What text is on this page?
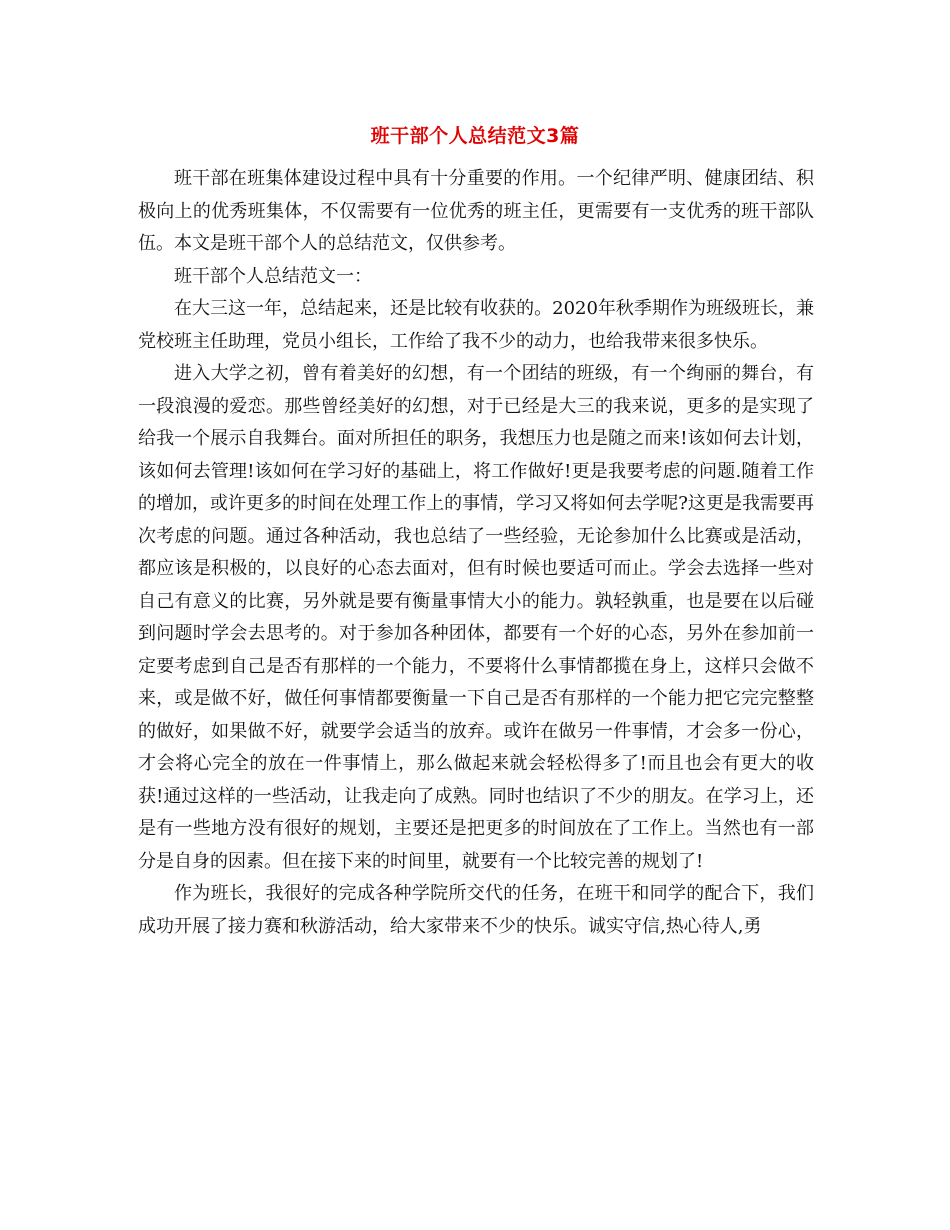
班干部个人总结范文3篇

班干部在班集体建设过程中具有十分重要的作用。一个纪律严明、健康团结、积极向上的优秀班集体，不仅需要有一位优秀的班主任，更需要有一支优秀的班干部队伍。本文是班干部个人的总结范文，仅供参考。

班干部个人总结范文一：

在大三这一年，总结起来，还是比较有收获的。2020年秋季期作为班级班长，兼党校班主任助理，党员小组长，工作给了我不少的动力，也给我带来很多快乐。

进入大学之初，曾有着美好的幻想，有一个团结的班级，有一个绚丽的舞台，有一段浪漫的爱恋。那些曾经美好的幻想，对于已经是大三的我来说，更多的是实现了给我一个展示自我舞台。面对所担任的职务，我想压力也是随之而来!该如何去计划，该如何去管理!该如何在学习好的基础上，将工作做好!更是我要考虑的问题.随着工作的增加，或许更多的时间在处理工作上的事情，学习又将如何去学呢?这更是我需要再次考虑的问题。通过各种活动，我也总结了一些经验，无论参加什么比赛或是活动，都应该是积极的，以良好的心态去面对，但有时候也要适可而止。学会去选择一些对自己有意义的比赛，另外就是要有衡量事情大小的能力。孰轻孰重，也是要在以后碰到问题时学会去思考的。对于参加各种团体，都要有一个好的心态，另外在参加前一定要考虑到自己是否有那样的一个能力，不要将什么事情都揽在身上，这样只会做不来，或是做不好，做任何事情都要衡量一下自己是否有那样的一个能力把它完完整整的做好，如果做不好，就要学会适当的放弃。或许在做另一件事情，才会多一份心，才会将心完全的放在一件事情上，那么做起来就会轻松得多了!而且也会有更大的收获!通过这样的一些活动，让我走向了成熟。同时也结识了不少的朋友。在学习上，还是有一些地方没有很好的规划，主要还是把更多的时间放在了工作上。当然也有一部分是自身的因素。但在接下来的时间里，就要有一个比较完善的规划了!

作为班长，我很好的完成各种学院所交代的任务，在班干和同学的配合下，我们成功开展了接力赛和秋游活动，给大家带来不少的快乐。诚实守信,热心待人,勇
